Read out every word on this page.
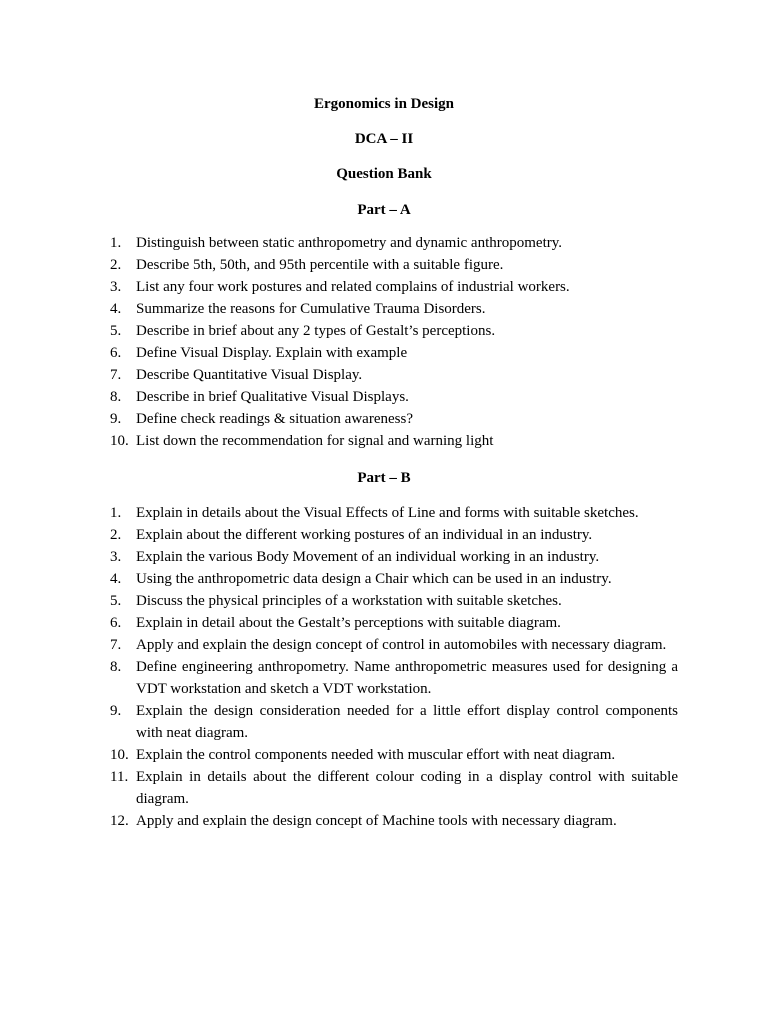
Ergonomics in Design
DCA – II
Question Bank
Part – A
1. Distinguish between static anthropometry and dynamic anthropometry.
2. Describe 5th, 50th, and 95th percentile with a suitable figure.
3. List any four work postures and related complains of industrial workers.
4. Summarize the reasons for Cumulative Trauma Disorders.
5. Describe in brief about any 2 types of Gestalt’s perceptions.
6. Define Visual Display. Explain with example
7. Describe Quantitative Visual Display.
8. Describe in brief Qualitative Visual Displays.
9. Define check readings & situation awareness?
10. List down the recommendation for signal and warning light
Part – B
1. Explain in details about the Visual Effects of Line and forms with suitable sketches.
2. Explain about the different working postures of an individual in an industry.
3. Explain the various Body Movement of an individual working in an industry.
4. Using the anthropometric data design a Chair which can be used in an industry.
5. Discuss the physical principles of a workstation with suitable sketches.
6. Explain in detail about the Gestalt’s perceptions with suitable diagram.
7. Apply and explain the design concept of control in automobiles with necessary diagram.
8. Define engineering anthropometry. Name anthropometric measures used for designing a VDT workstation and sketch a VDT workstation.
9. Explain the design consideration needed for a little effort display control components with neat diagram.
10. Explain the control components needed with muscular effort with neat diagram.
11. Explain in details about the different colour coding in a display control with suitable diagram.
12. Apply and explain the design concept of Machine tools with necessary diagram.
